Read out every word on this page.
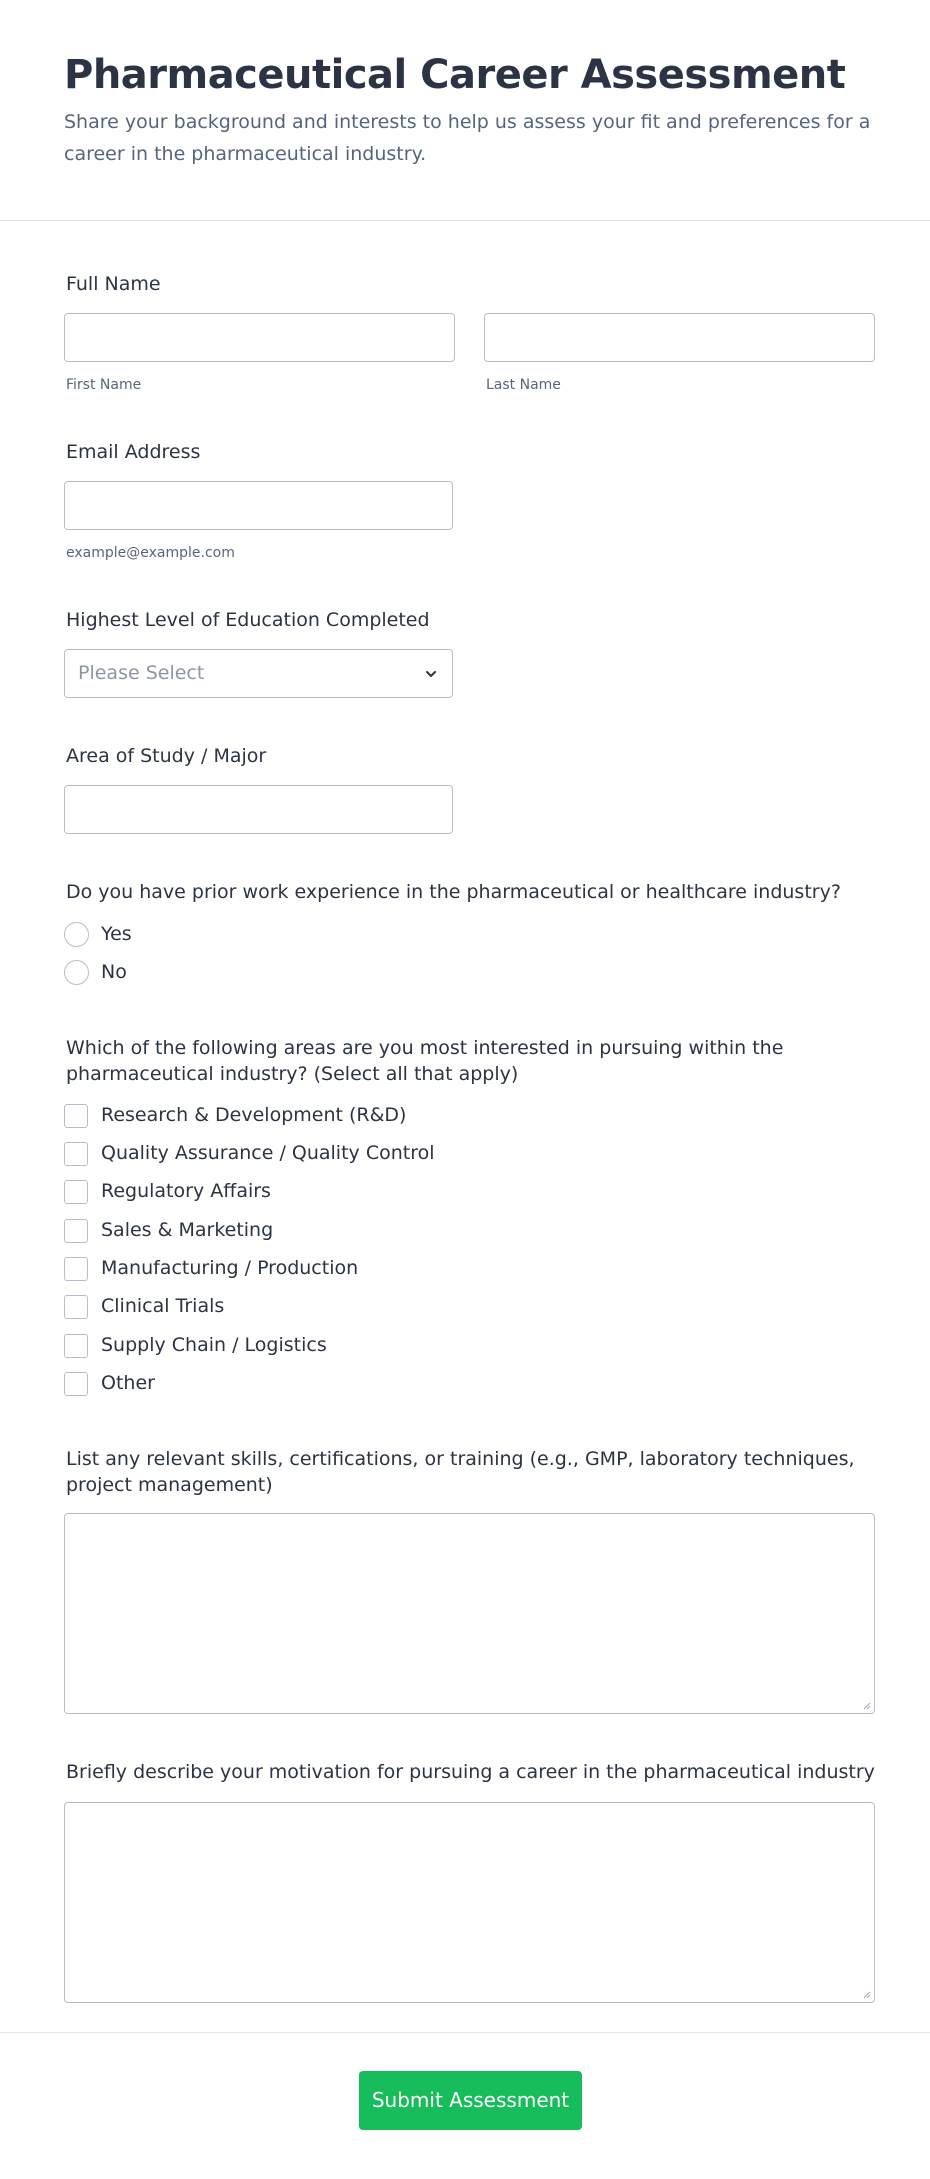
Pharmaceutical Career Assessment
Share your background and interests to help us assess your fit and preferences for a career in the pharmaceutical industry.
Full Name
First Name	Last Name
Email Address
example@example.com
Highest Level of Education Completed
Please Select
Area of Study / Major
Do you have prior work experience in the pharmaceutical or healthcare industry?
Yes
No
Which of the following areas are you most interested in pursuing within the pharmaceutical industry? (Select all that apply)
Research & Development (R&D)
Quality Assurance / Quality Control
Regulatory Affairs
Sales & Marketing
Manufacturing / Production
Clinical Trials
Supply Chain / Logistics
Other
List any relevant skills, certifications, or training (e.g., GMP, laboratory techniques, project management)
Briefly describe your motivation for pursuing a career in the pharmaceutical industry
Submit Assessment
